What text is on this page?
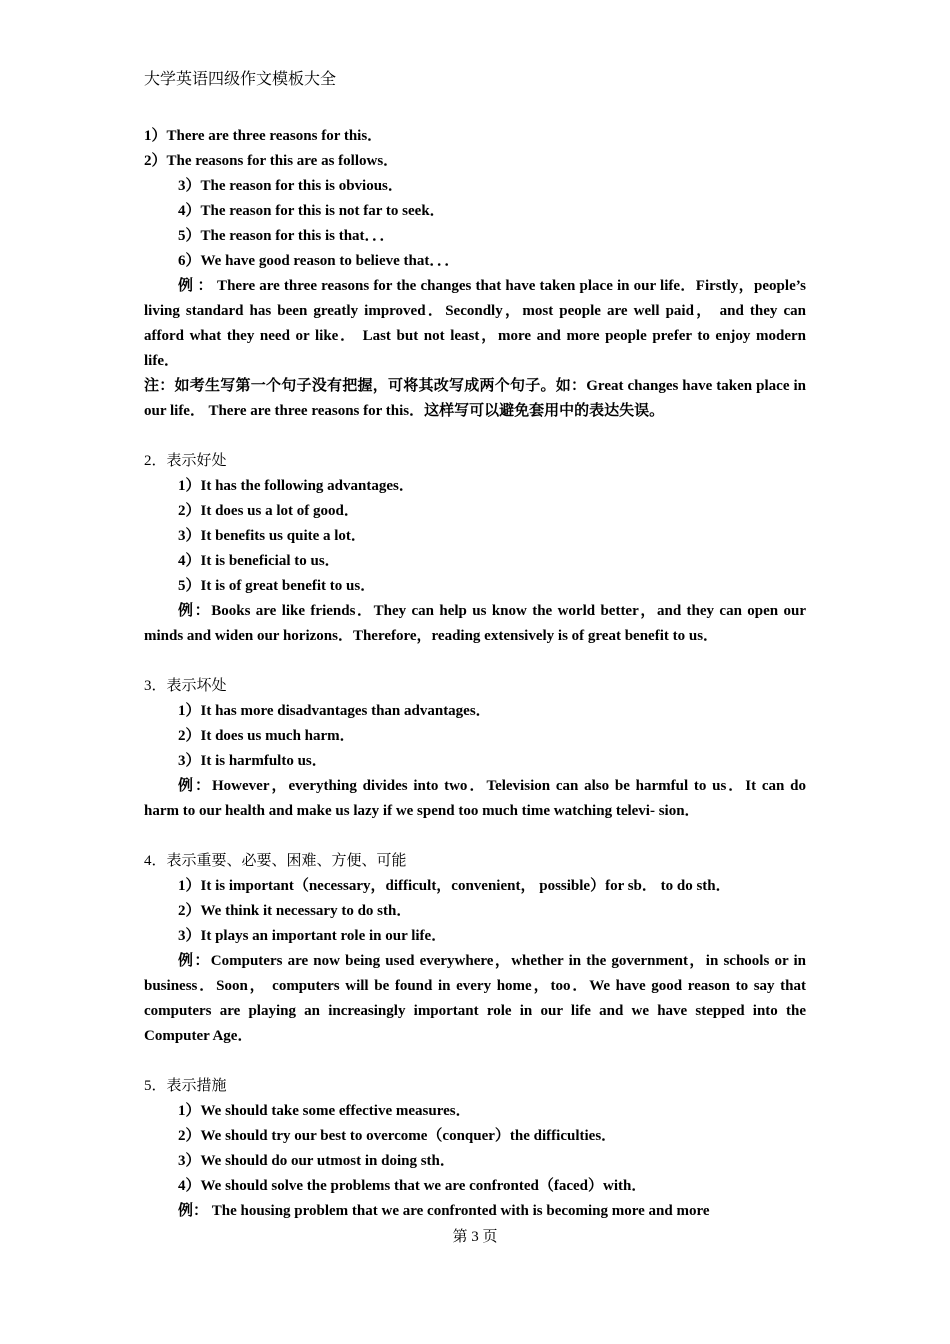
大学英语四级作文模板大全
1）There are three reasons for this．
2）The reasons for this are as follows．
3）The reason for this is obvious．
4）The reason for this is not far to seek．
5）The reason for this is that．．．
6）We have good reason to believe that．．．
例 ： There are three reasons for the changes that have taken place in our life．Firstly，people’s living standard has been greatly improved．Secondly，most people are well paid， and they can afford what they need or like． Last but not least，more and more people prefer to enjoy modern life．
注：如考生写第一个句子没有把握，可将其改写成两个句子。如：Great changes have taken place in our life． There are three reasons for this．这样写可以避免套用中的表达失误。
2．表示好处
1）It has the following advantages．
2）It does us a lot of good．
3）It benefits us quite a lot．
4）It is beneficial to us．
5）It is of great benefit to us．
例：Books are like friends．They can help us know the world better，and they can open our minds and widen our horizons．Therefore，reading extensively is of great benefit to us．
3．表示坏处
1）It has more disadvantages than advantages．
2）It does us much harm．
3）It is harmfulto us．
例：However，everything divides into two．Television can also be harmful to us．It can do harm to our health and make us lazy if we spend too much time watching televi- sion．
4．表示重要、必要、困难、方便、可能
1）It is important（necessary，difficult，convenient， possible）for sb． to do sth．
2）We think it necessary to do sth．
3）It plays an important role in our life．
例：Computers are now being used everywhere，whether in the government，in schools or in business．Soon， computers will be found in every home，too．We have good reason to say that computers are playing an increasingly important role in our life and we have stepped into the Computer Age．
5．表示措施
1）We should take some effective measures．
2）We should try our best to overcome（conquer）the difficulties．
3）We should do our utmost in doing sth．
4）We should solve the problems that we are confronted（faced）with．
例： The housing problem that we are confronted with is becoming more and more
第 3 页
